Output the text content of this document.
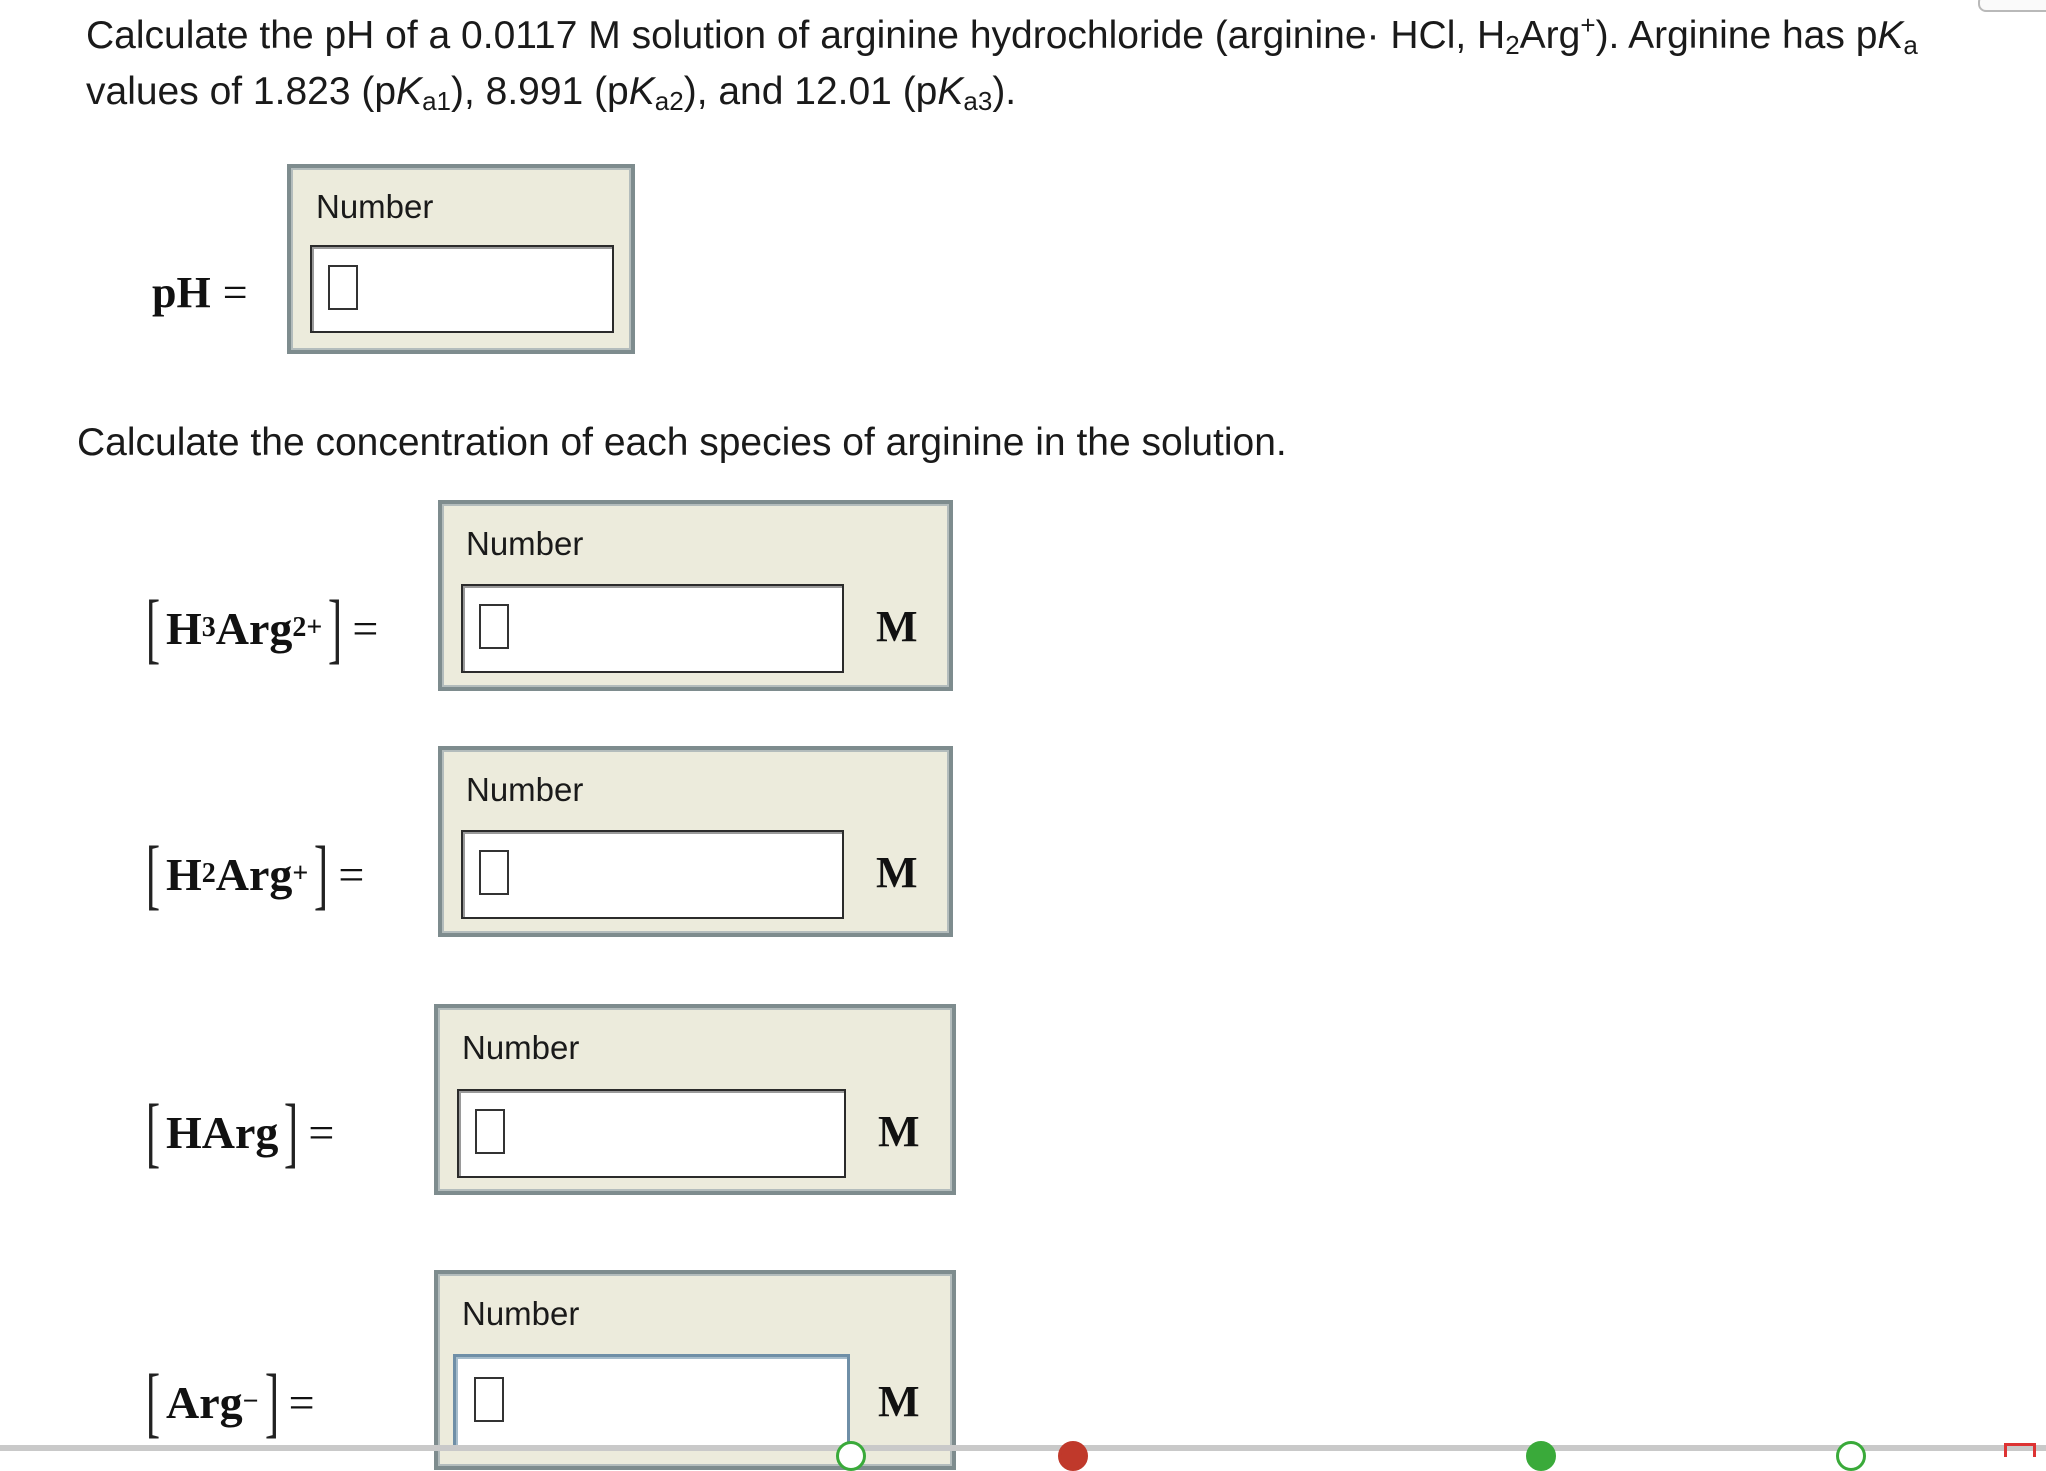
Calculate the pH of a 0.0117 M solution of arginine hydrochloride (arginine· HCl, $H_2Arg^+$). Arginine has $pK_a$
values of 1.823 $(pK_{a1})$, 8.991 $(pK_{a2})$, and 12.01 $(pK_{a3})$.
pH =
Number
Calculate the concentration of each species of arginine in the solution.
[ H 3 Arg 2+ ] =
Number
M
[ H 2 Arg + ] =
Number
M
[ HArg ] =
Number
M
[ Arg − ] =
Number
M
